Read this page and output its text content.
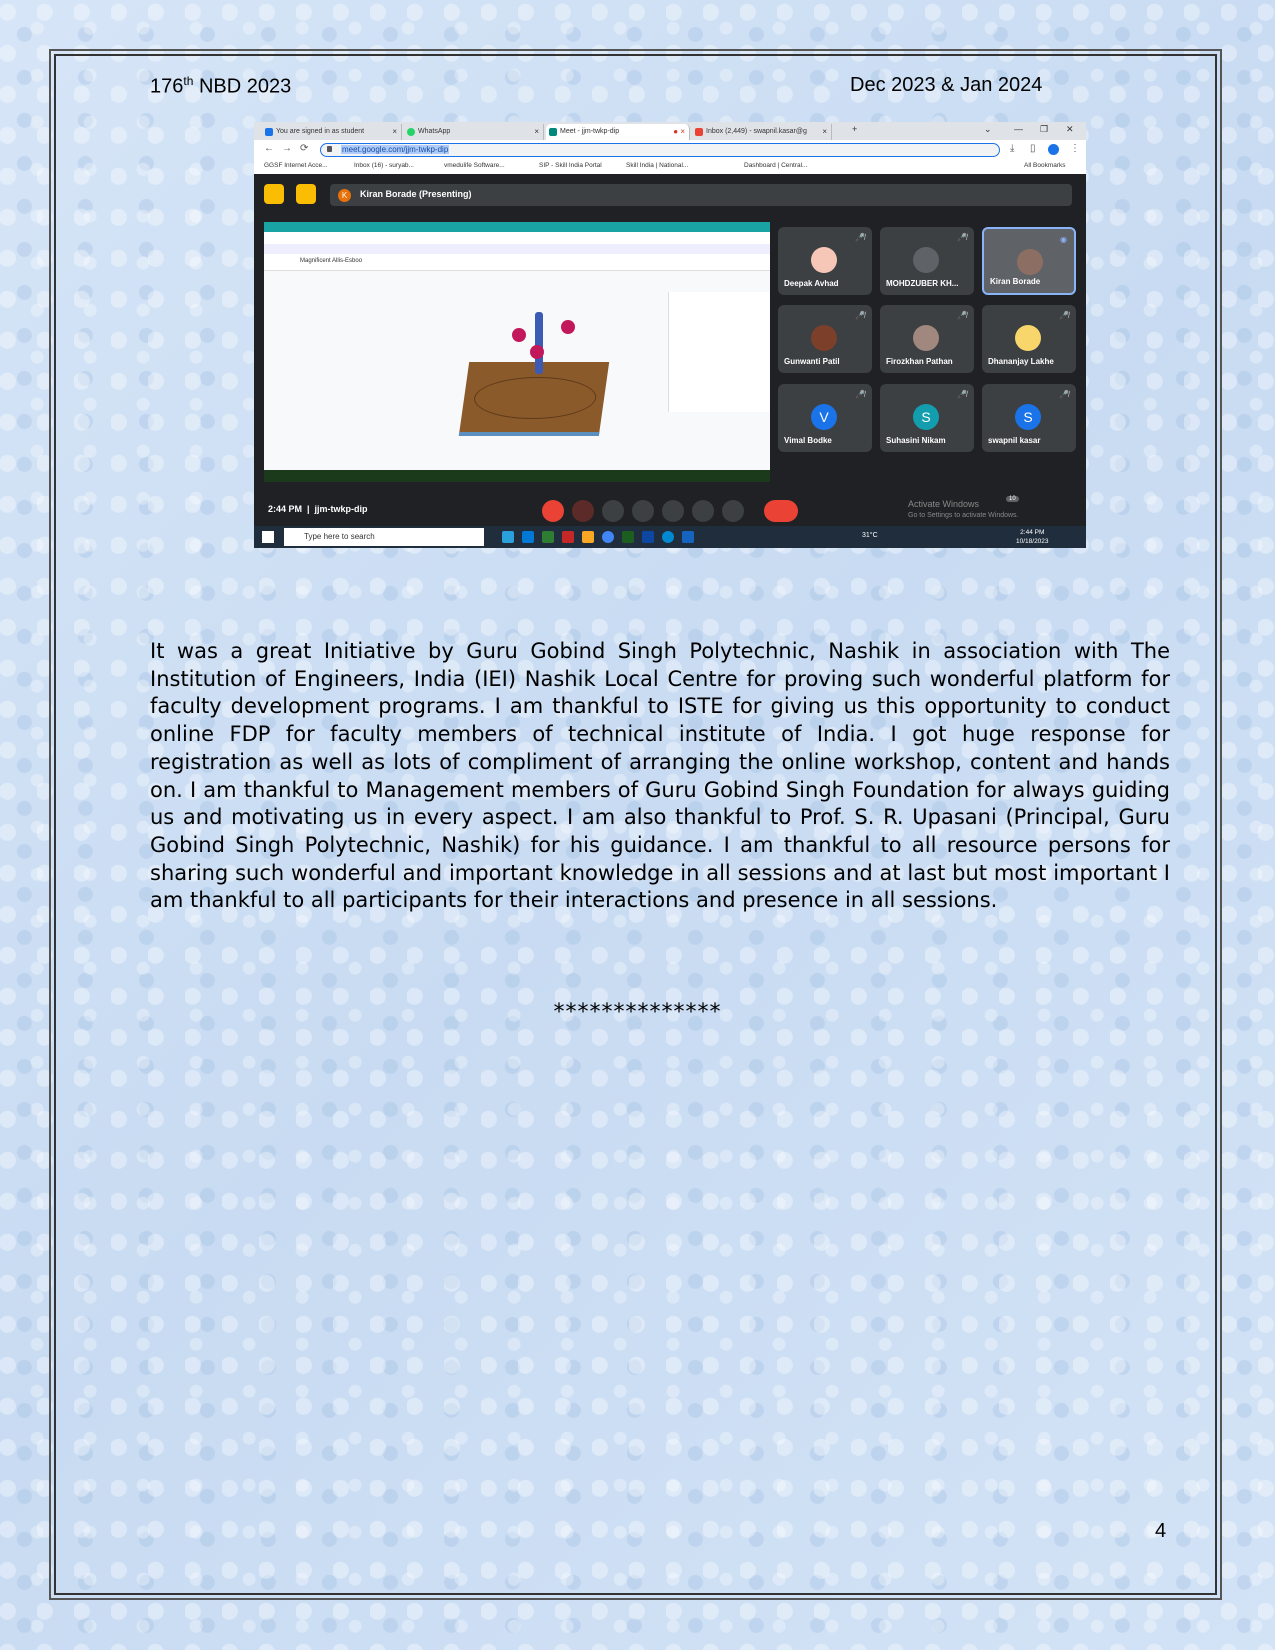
176th NBD 2023	Dec 2023 & Jan 2024
You are signed in as student	×	WhatsApp	×	Meet - jjm-twkp-dip	● ×	Inbox (2,449) - swapnil.kasar@g ×	+	⌄ — ❐ ✕
← → ⟳	meet.google.com/jjm-twkp-dip	⤓ ▯	⋮
GGSF Internet Acce...	Inbox (16) - suryab...	vmedulife Software...	SIP - Skill India Portal	Skill India | National...	Dashboard | Central...	All Bookmarks
K	Kiran Borade (Presenting)
Magnificent Allis-Esboo
🎤̸
Deepak Avhad
🎤̸
MOHDZUBER KH...
◉
Kiran Borade
🎤̸
Gunwanti Patil
🎤̸
Firozkhan Pathan
🎤̸
Dhananjay Lakhe
🎤̸
V
Vimal Bodke
🎤̸
S
Suhasini Nikam
🎤̸
S
swapnil kasar
2:44 PM  |  jjm-twkp-dip	Activate Windows
Go to Settings to activate Windows.
10
Type here to search	31°C	2:44 PM
10/18/2023

It was a great Initiative by Guru Gobind Singh Polytechnic, Nashik in association with The Institution of Engineers, India (IEI) Nashik Local Centre for proving such wonderful platform for faculty development programs. I am thankful to ISTE for giving us this opportunity to conduct online FDP for faculty members of technical institute of India. I got huge response for registration as well as lots of compliment of arranging the online workshop, content and hands on. I am thankful to Management members of Guru Gobind Singh Foundation for always guiding us and motivating us in every aspect. I am also thankful to Prof. S. R. Upasani (Principal, Guru Gobind Singh Polytechnic, Nashik) for his guidance. I am thankful to all resource persons for sharing such wonderful and important knowledge in all sessions and at last but most important I am thankful to all participants for their interactions and presence in all sessions.

**************
4
